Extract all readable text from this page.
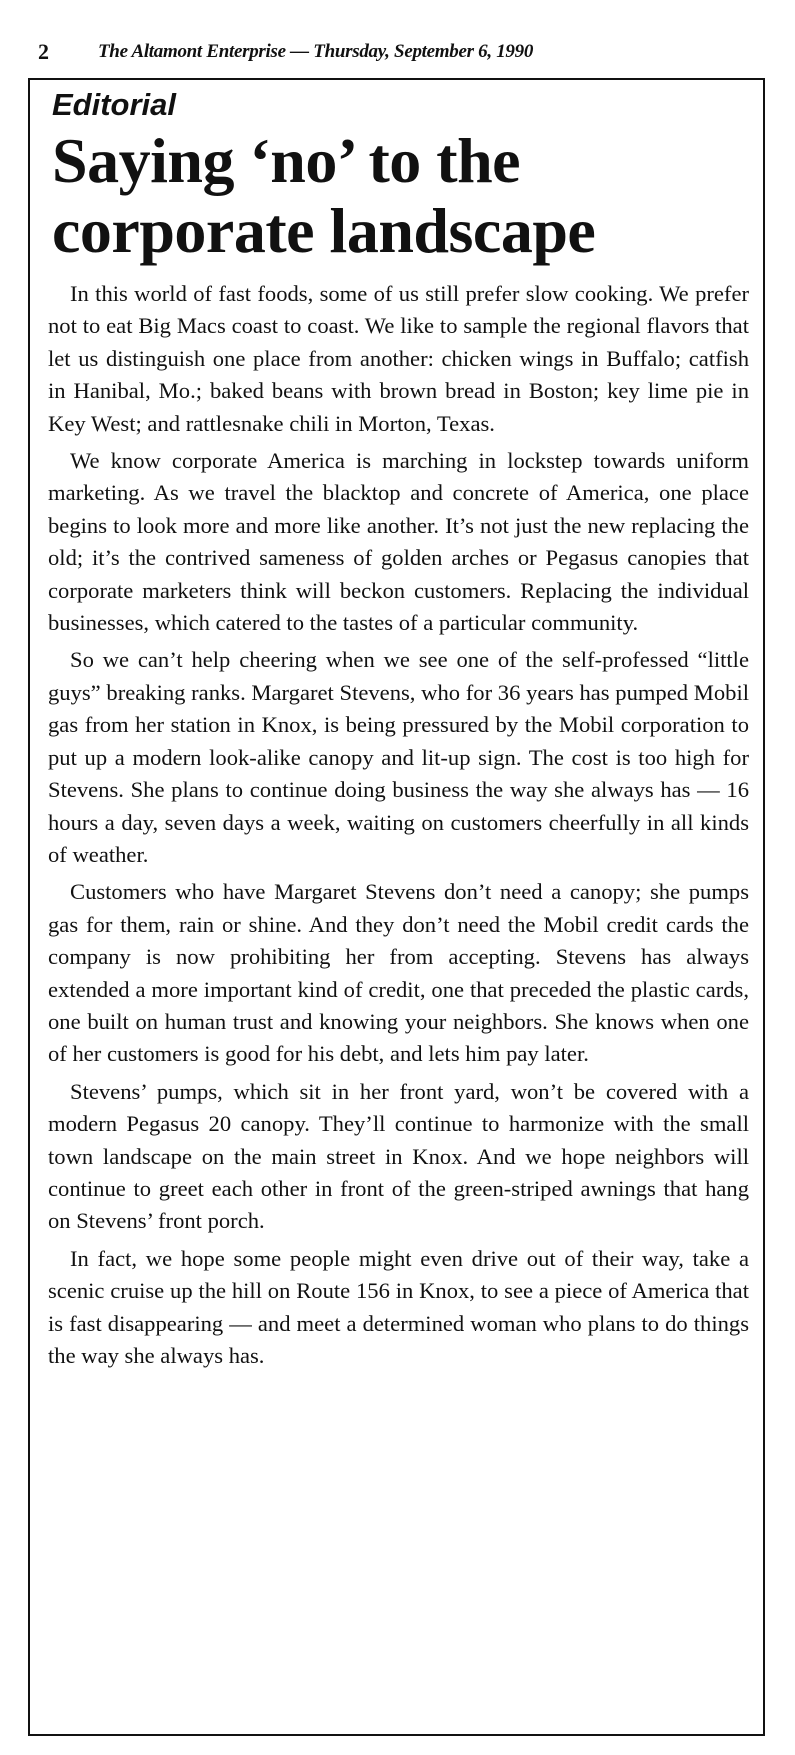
2	The Altamont Enterprise — Thursday, September 6, 1990
Editorial
Saying ‘no’ to the
corporate landscape

In this world of fast foods, some of us still prefer slow cooking. We prefer not to eat Big Macs coast to coast. We like to sample the regional flavors that let us distinguish one place from another: chicken wings in Buffalo; catfish in Hanibal, Mo.; baked beans with brown bread in Boston; key lime pie in Key West; and rattlesnake chili in Morton, Texas.

We know corporate America is marching in lockstep towards uniform marketing. As we travel the blacktop and concrete of America, one place begins to look more and more like another. It’s not just the new replacing the old; it’s the contrived sameness of golden arches or Pegasus canopies that corporate marketers think will beckon customers. Replacing the individual businesses, which catered to the tastes of a particular community.

So we can’t help cheering when we see one of the self-professed “little guys” breaking ranks. Margaret Stevens, who for 36 years has pumped Mobil gas from her station in Knox, is being pressured by the Mobil corporation to put up a modern look-alike canopy and lit-up sign. The cost is too high for Stevens. She plans to continue doing business the way she always has — 16 hours a day, seven days a week, waiting on customers cheerfully in all kinds of weather.

Customers who have Margaret Stevens don’t need a canopy; she pumps gas for them, rain or shine. And they don’t need the Mobil credit cards the company is now prohibiting her from accepting. Stevens has always extended a more important kind of credit, one that preceded the plastic cards, one built on human trust and knowing your neighbors. She knows when one of her customers is good for his debt, and lets him pay later.

Stevens’ pumps, which sit in her front yard, won’t be covered with a modern Pegasus 20 canopy. They’ll continue to harmonize with the small town landscape on the main street in Knox. And we hope neighbors will continue to greet each other in front of the green-striped awnings that hang on Stevens’ front porch.

In fact, we hope some people might even drive out of their way, take a scenic cruise up the hill on Route 156 in Knox, to see a piece of America that is fast disappearing — and meet a determined woman who plans to do things the way she always has.
